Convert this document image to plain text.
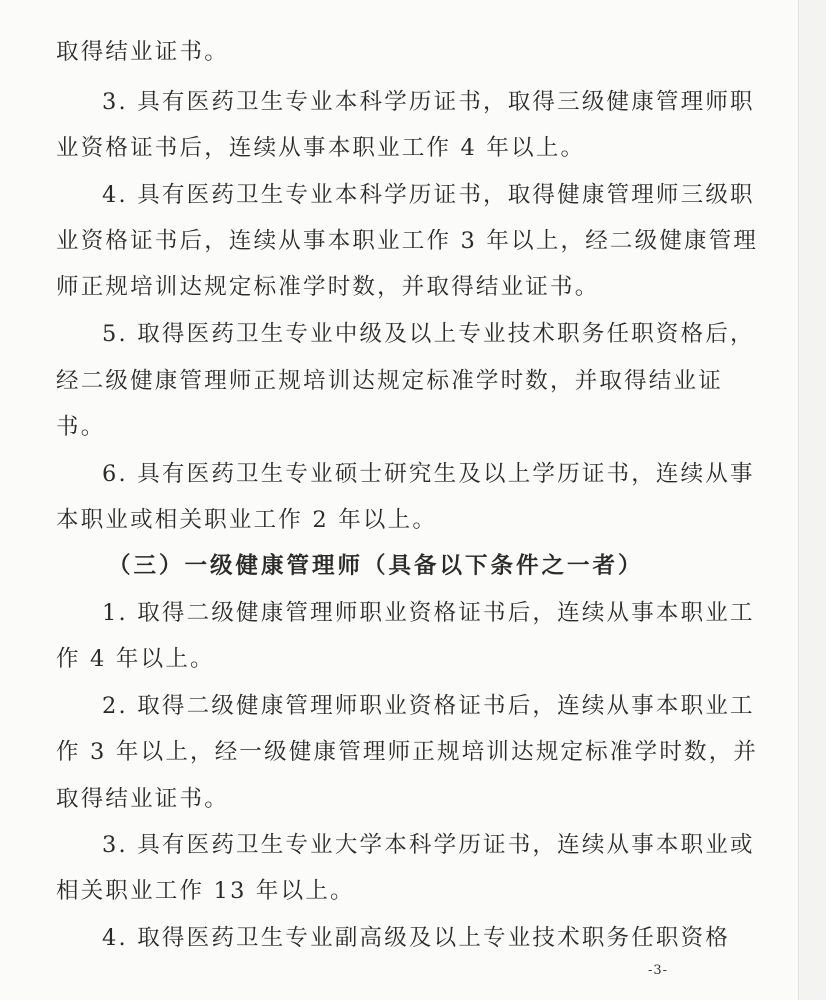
取得结业证书。
3. 具有医药卫生专业本科学历证书，取得三级健康管理师职
业资格证书后，连续从事本职业工作 4 年以上。
4. 具有医药卫生专业本科学历证书，取得健康管理师三级职
业资格证书后，连续从事本职业工作 3 年以上，经二级健康管理
师正规培训达规定标准学时数，并取得结业证书。
5. 取得医药卫生专业中级及以上专业技术职务任职资格后，
经二级健康管理师正规培训达规定标准学时数，并取得结业证
书。
6. 具有医药卫生专业硕士研究生及以上学历证书，连续从事
本职业或相关职业工作 2 年以上。
（三）一级健康管理师（具备以下条件之一者）
1. 取得二级健康管理师职业资格证书后，连续从事本职业工
作 4 年以上。
2. 取得二级健康管理师职业资格证书后，连续从事本职业工
作 3 年以上，经一级健康管理师正规培训达规定标准学时数，并
取得结业证书。
3. 具有医药卫生专业大学本科学历证书，连续从事本职业或
相关职业工作 13 年以上。
4. 取得医药卫生专业副高级及以上专业技术职务任职资格
-3-
